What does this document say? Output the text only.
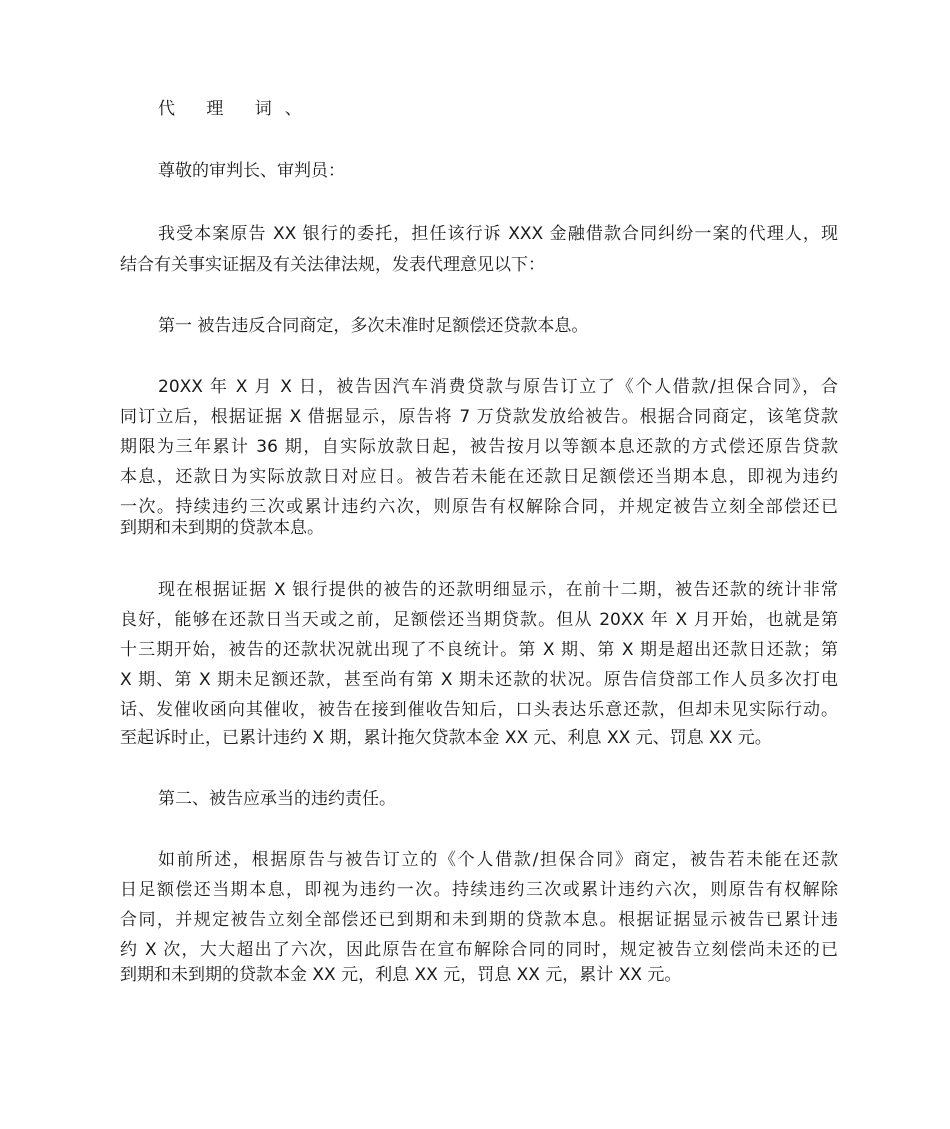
代 理 词、
尊敬的审判长、审判员：
我受本案原告 XX 银行的委托，担任该行诉 XXX 金融借款合同纠纷一案的代理人，现
结合有关事实证据及有关法律法规，发表代理意见以下：
第一 被告违反合同商定，多次未准时足额偿还贷款本息。
20XX 年 X 月 X 日，被告因汽车消费贷款与原告订立了《个人借款/担保合同》，合
同订立后，根据证据 X 借据显示，原告将 7 万贷款发放给被告。根据合同商定，该笔贷款
期限为三年累计 36 期，自实际放款日起，被告按月以等额本息还款的方式偿还原告贷款
本息，还款日为实际放款日对应日。被告若未能在还款日足额偿还当期本息，即视为违约
一次。持续违约三次或累计违约六次，则原告有权解除合同，并规定被告立刻全部偿还已
到期和未到期的贷款本息。
现在根据证据 X 银行提供的被告的还款明细显示，在前十二期，被告还款的统计非常
良好，能够在还款日当天或之前，足额偿还当期贷款。但从 20XX 年 X 月开始，也就是第
十三期开始，被告的还款状况就出现了不良统计。第 X 期、第 X 期是超出还款日还款；第
X 期、第 X 期未足额还款，甚至尚有第 X 期未还款的状况。原告信贷部工作人员多次打电
话、发催收函向其催收，被告在接到催收告知后，口头表达乐意还款，但却未见实际行动。
至起诉时止，已累计违约 X 期，累计拖欠贷款本金 XX 元、利息 XX 元、罚息 XX 元。
第二、被告应承当的违约责任。
如前所述，根据原告与被告订立的《个人借款/担保合同》商定，被告若未能在还款
日足额偿还当期本息，即视为违约一次。持续违约三次或累计违约六次，则原告有权解除
合同，并规定被告立刻全部偿还已到期和未到期的贷款本息。根据证据显示被告已累计违
约 X 次，大大超出了六次，因此原告在宣布解除合同的同时，规定被告立刻偿尚未还的已
到期和未到期的贷款本金 XX 元，利息 XX 元，罚息 XX 元，累计 XX 元。
